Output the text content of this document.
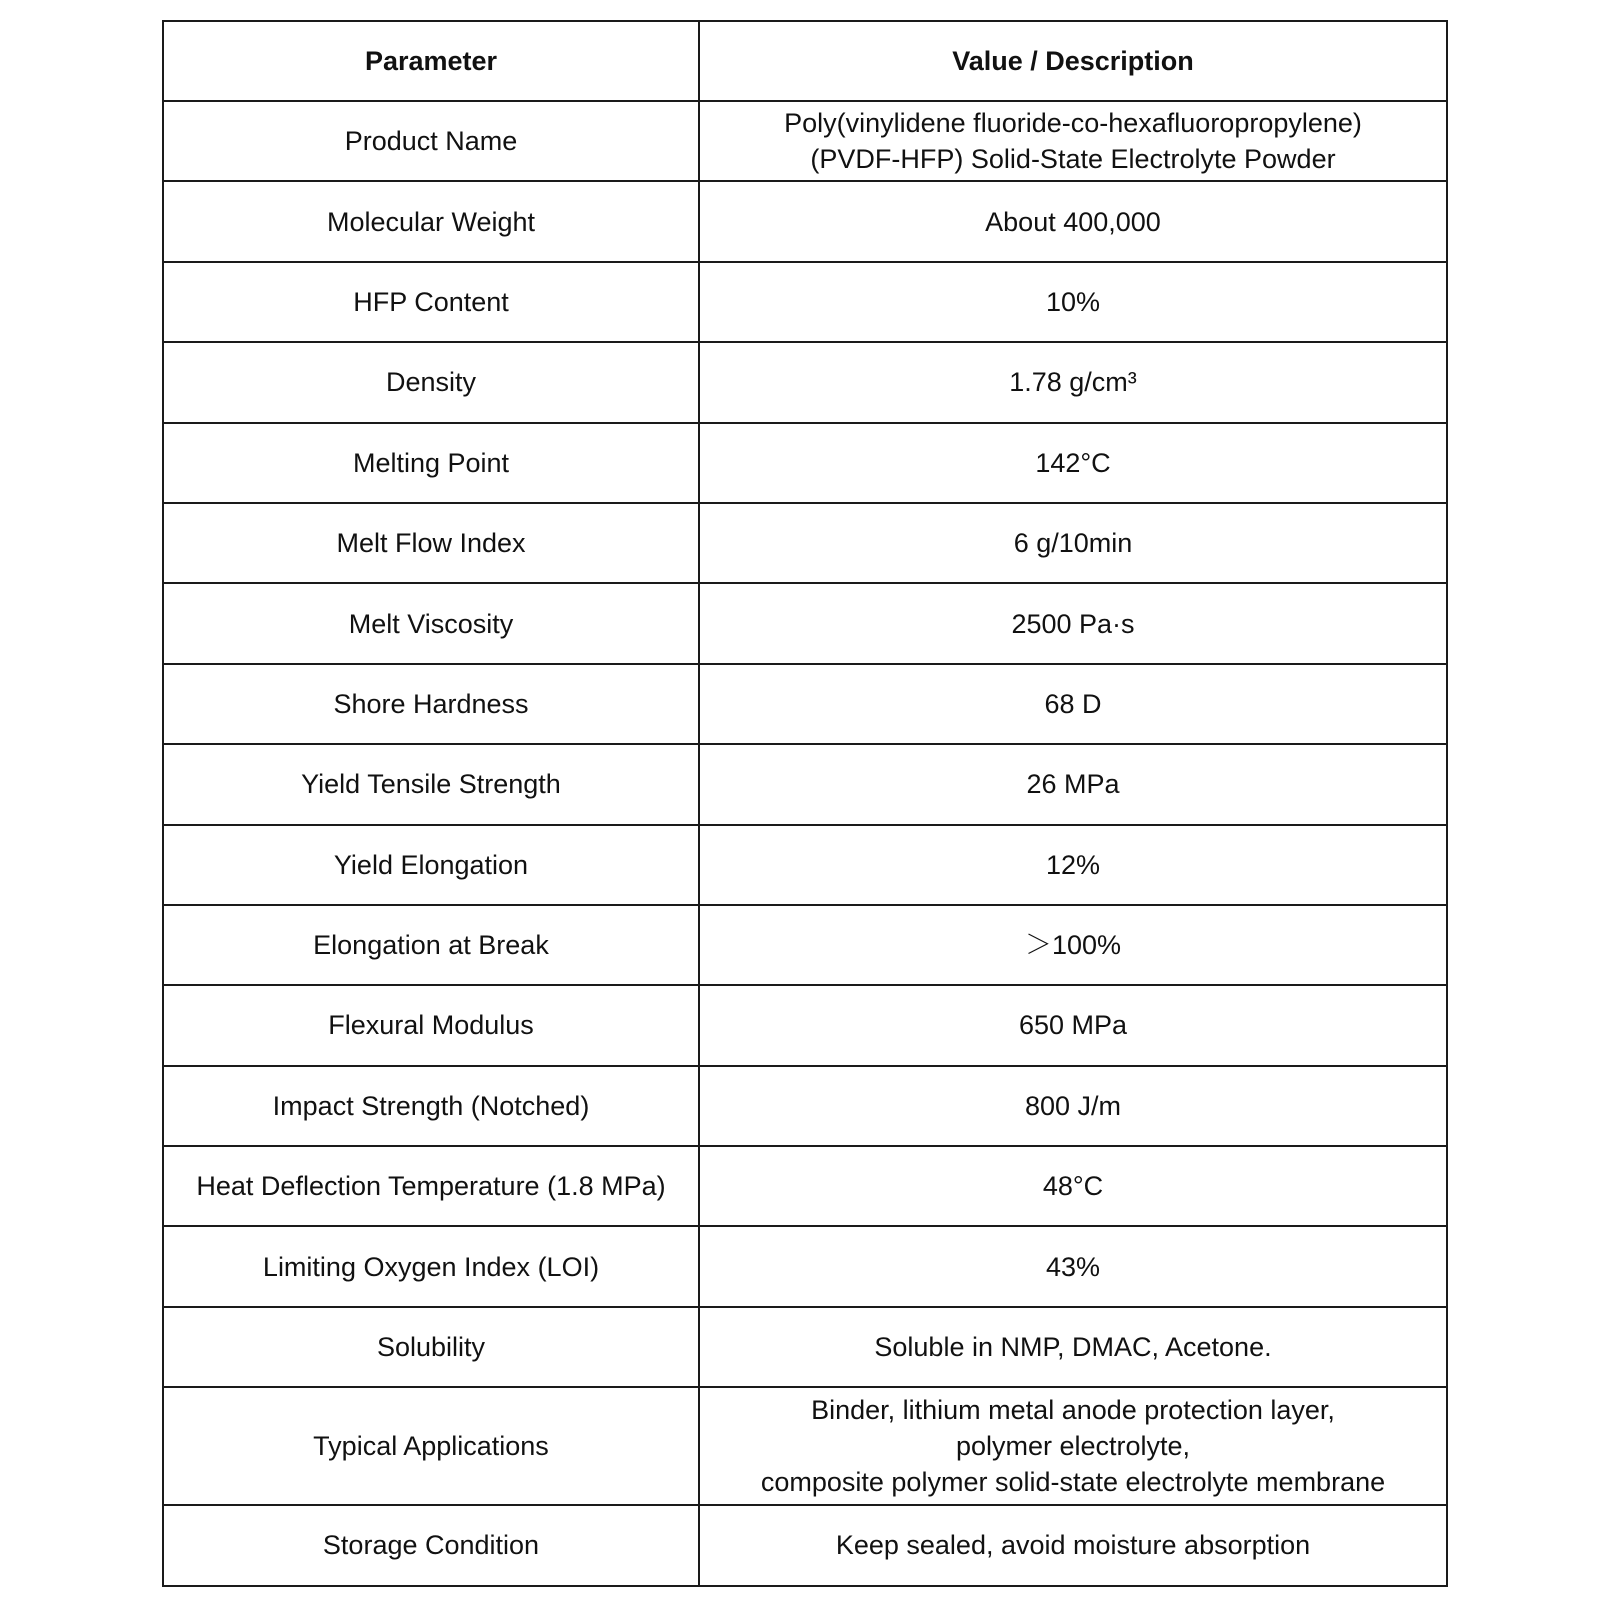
Parameter	Value / Description
Product Name	Poly(vinylidene fluoride-co-hexafluoropropylene)
(PVDF-HFP) Solid-State Electrolyte Powder

Molecular Weight	About 400,000

HFP Content	10%

Density	1.78 g/cm³

Melting Point	142°C

Melt Flow Index	6 g/10min

Melt Viscosity	2500 Pa·s

Shore Hardness	68 D

Yield Tensile Strength	26 MPa

Yield Elongation	12%

Elongation at Break	＞100%

Flexural Modulus	650 MPa

Impact Strength (Notched)	800 J/m

Heat Deflection Temperature (1.8 MPa)	48°C

Limiting Oxygen Index (LOI)	43%

Solubility	Soluble in NMP, DMAC, Acetone.

Typical Applications	Binder, lithium metal anode protection layer,
polymer electrolyte,
composite polymer solid-state electrolyte membrane

Storage Condition	Keep sealed, avoid moisture absorption
